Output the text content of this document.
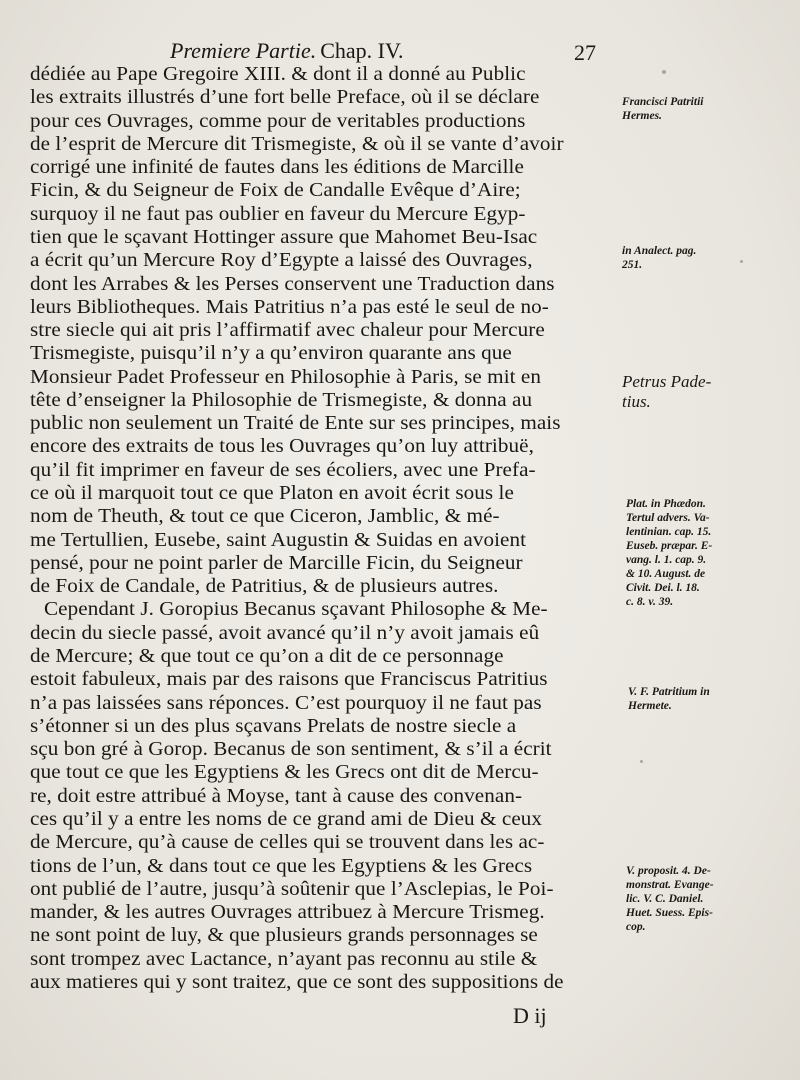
Premiere Partie. Chap. IV.	27
dédiée au Pape Gregoire XIII. & dont il a donné au Public
les extraits illustrés d’une fort belle Preface, où il se déclare
pour ces Ouvrages, comme pour de veritables productions
de l’esprit de Mercure dit Trismegiste, & où il se vante d’avoir
corrigé une infinité de fautes dans les éditions de Marcille
Ficin, & du Seigneur de Foix de Candalle Evêque d’Aire;
surquoy il ne faut pas oublier en faveur du Mercure Egyp-
tien que le sçavant Hottinger assure que Mahomet Beu-Isac
a écrit qu’un Mercure Roy d’Egypte a laissé des Ouvrages,
dont les Arrabes & les Perses conservent une Traduction dans
leurs Bibliotheques. Mais Patritius n’a pas esté le seul de no-
stre siecle qui ait pris l’affirmatif avec chaleur pour Mercure
Trismegiste, puisqu’il n’y a qu’environ quarante ans que
Monsieur Padet Professeur en Philosophie à Paris, se mit en
tête d’enseigner la Philosophie de Trismegiste, & donna au
public non seulement un Traité de Ente sur ses principes, mais
encore des extraits de tous les Ouvrages qu’on luy attribuë,
qu’il fit imprimer en faveur de ses écoliers, avec une Prefa-
ce où il marquoit tout ce que Platon en avoit écrit sous le
nom de Theuth, & tout ce que Ciceron, Jamblic, & mé-
me Tertullien, Eusebe, saint Augustin & Suidas en avoient
pensé, pour ne point parler de Marcille Ficin, du Seigneur
de Foix de Candale, de Patritius, & de plusieurs autres.
Cependant J. Goropius Becanus sçavant Philosophe & Me-
decin du siecle passé, avoit avancé qu’il n’y avoit jamais eû
de Mercure; & que tout ce qu’on a dit de ce personnage
estoit fabuleux, mais par des raisons que Franciscus Patritius
n’a pas laissées sans réponces. C’est pourquoy il ne faut pas
s’étonner si un des plus sçavans Prelats de nostre siecle a
sçu bon gré à Gorop. Becanus de son sentiment, & s’il a écrit
que tout ce que les Egyptiens & les Grecs ont dit de Mercu-
re, doit estre attribué à Moyse, tant à cause des convenan-
ces qu’il y a entre les noms de ce grand ami de Dieu & ceux
de Mercure, qu’à cause de celles qui se trouvent dans les ac-
tions de l’un, & dans tout ce que les Egyptiens & les Grecs
ont publié de l’autre, jusqu’à soûtenir que l’Asclepias, le Poi-
mander, & les autres Ouvrages attribuez à Mercure Trismeg.
ne sont point de luy, & que plusieurs grands personnages se
sont trompez avec Lactance, n’ayant pas reconnu au stile &
aux matieres qui y sont traitez, que ce sont des suppositions de
Francisci Patritii
Hermes.
in Analect. pag.
251.
Petrus Pade-
tius.
Plat. in Phædon.
Tertul advers. Va-
lentinian. cap. 15.
Euseb. præpar. E-
vang. l. 1. cap. 9.
& 10. August. de
Civit. Dei. l. 18.
c. 8. v. 39.
V. F. Patritium in
Hermete.
V. proposit. 4. De-
monstrat. Evange-
lic. V. C. Daniel.
Huet. Suess. Epis-
cop.
D ij
